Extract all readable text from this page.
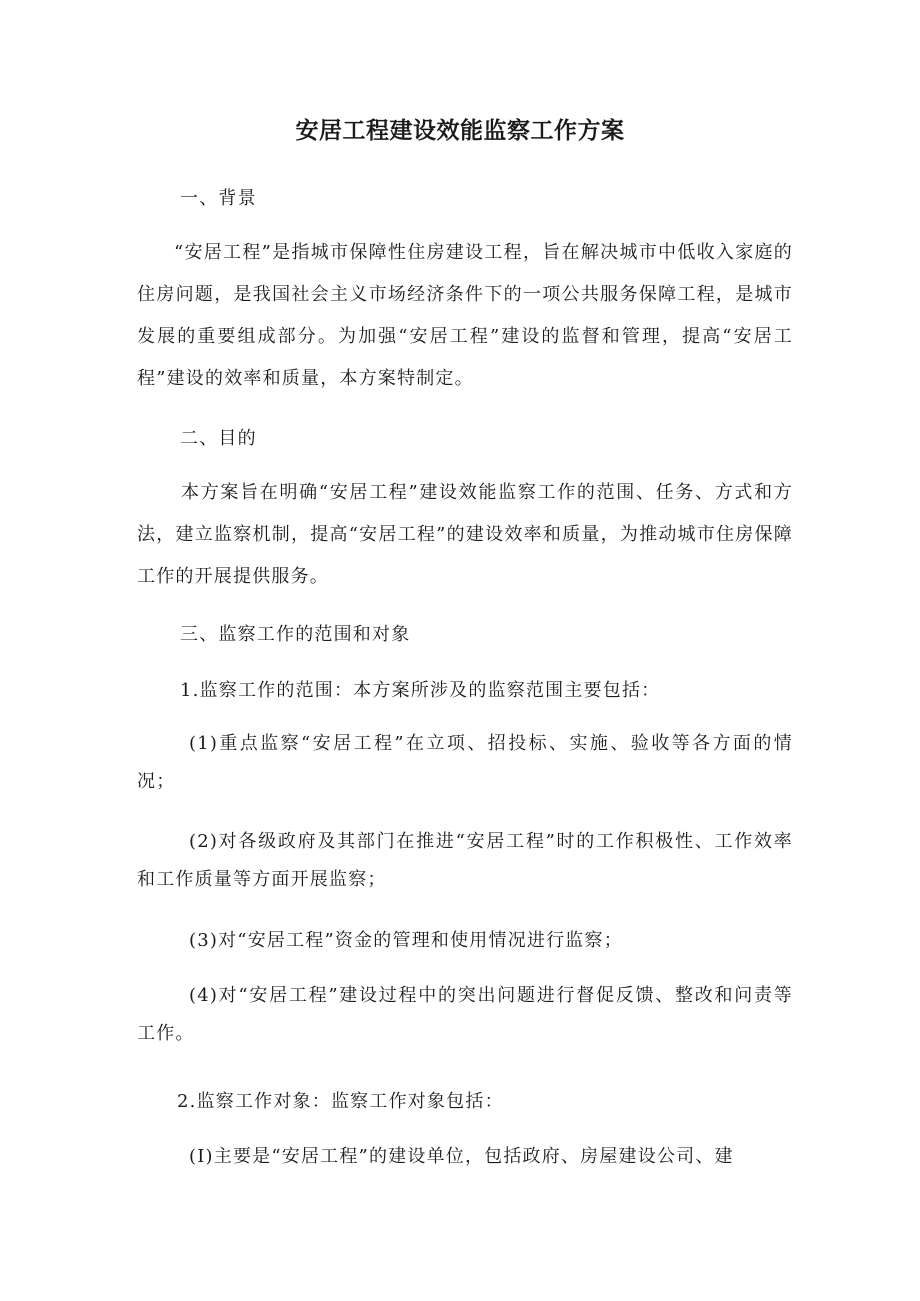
安居工程建设效能监察工作方案

一、背景

“安居工程”是指城市保障性住房建设工程，旨在解决城市中低收入家庭的住房问题，是我国社会主义市场经济条件下的一项公共服务保障工程，是城市发展的重要组成部分。为加强“安居工程”建设的监督和管理，提高“安居工程”建设的效率和质量，本方案特制定。

二、目的

本方案旨在明确“安居工程”建设效能监察工作的范围、任务、方式和方法，建立监察机制，提高“安居工程”的建设效率和质量，为推动城市住房保障工作的开展提供服务。

三、监察工作的范围和对象

1.监察工作的范围：本方案所涉及的监察范围主要包括：

(1)重点监察“安居工程”在立项、招投标、实施、验收等各方面的情况；

(2)对各级政府及其部门在推进“安居工程”时的工作积极性、工作效率和工作质量等方面开展监察；

(3)对“安居工程”资金的管理和使用情况进行监察；

(4)对“安居工程”建设过程中的突出问题进行督促反馈、整改和问责等工作。

2.监察工作对象：监察工作对象包括：

(I)主要是“安居工程”的建设单位，包括政府、房屋建设公司、建
